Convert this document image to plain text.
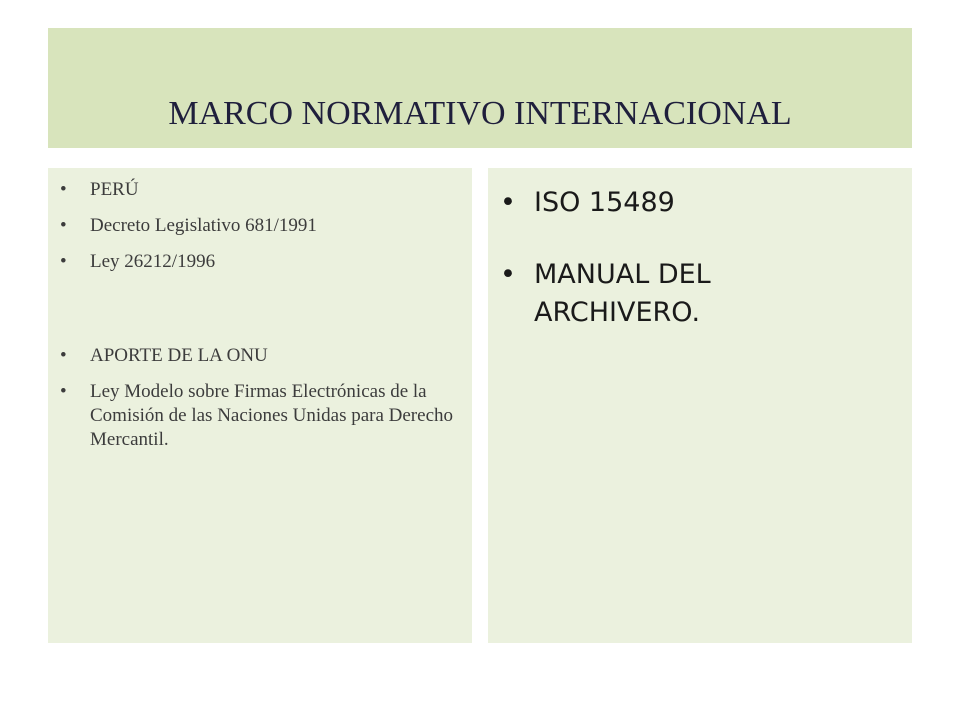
MARCO NORMATIVO INTERNACIONAL
• PERÚ
• Decreto Legislativo 681/1991
• Ley 26212/1996
• APORTE DE LA ONU
• Ley Modelo sobre Firmas Electrónicas de la Comisión de las Naciones Unidas para Derecho Mercantil.
• ISO 15489
• MANUAL DEL ARCHIVERO.
